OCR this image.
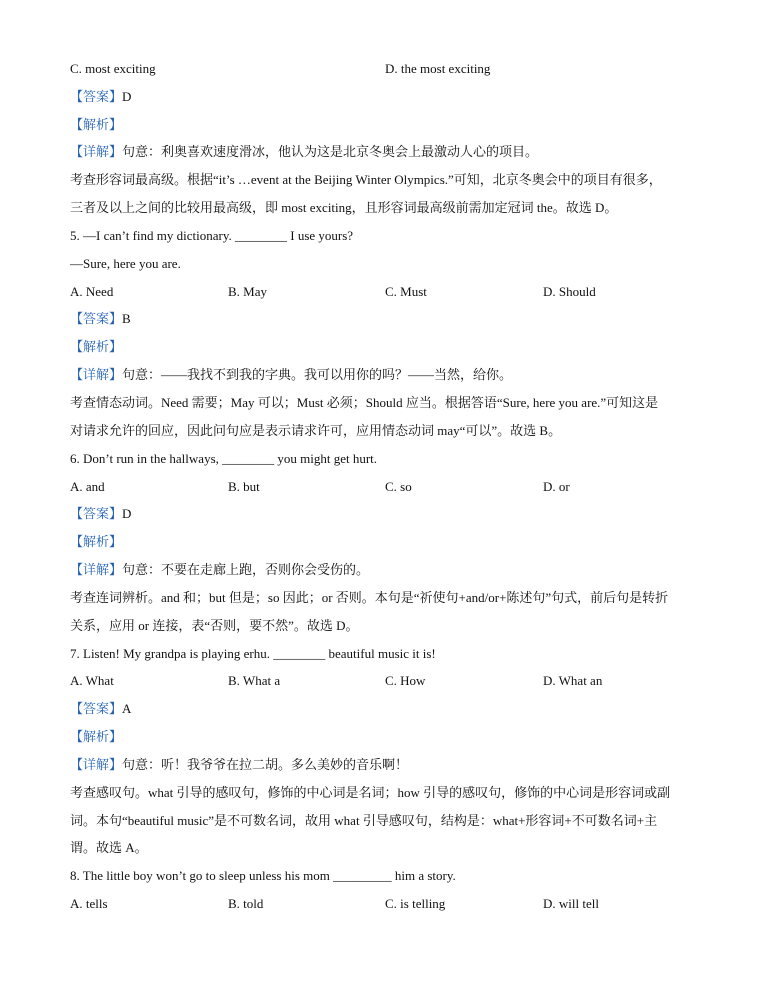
C. most exciting	D. the most exciting
【答案】D
【解析】
【详解】句意：利奥喜欢速度滑冰，他认为这是北京冬奥会上最激动人心的项目。
考查形容词最高级。根据“it’s …event at the Beijing Winter Olympics.”可知，北京冬奥会中的项目有很多，
三者及以上之间的比较用最高级，即 most exciting，且形容词最高级前需加定冠词 the。故选 D。
5. —I can’t find my dictionary. ________ I use yours?
—Sure, here you are.
A. Need	B. May	C. Must	D. Should
【答案】B
【解析】
【详解】句意：——我找不到我的字典。我可以用你的吗？——当然，给你。
考查情态动词。Need 需要；May 可以；Must 必须；Should 应当。根据答语“Sure, here you are.”可知这是
对请求允许的回应，因此问句应是表示请求许可，应用情态动词 may“可以”。故选 B。
6. Don’t run in the hallways, ________ you might get hurt.
A. and	B. but	C. so	D. or
【答案】D
【解析】
【详解】句意：不要在走廊上跑，否则你会受伤的。
考查连词辨析。and 和；but 但是；so 因此；or 否则。本句是“祈使句+and/or+陈述句”句式，前后句是转折
关系，应用 or 连接，表“否则，要不然”。故选 D。
7. Listen! My grandpa is playing erhu. ________ beautiful music it is!
A. What	B. What a	C. How	D. What an
【答案】A
【解析】
【详解】句意：听！我爷爷在拉二胡。多么美妙的音乐啊！
考查感叹句。what 引导的感叹句，修饰的中心词是名词；how 引导的感叹句，修饰的中心词是形容词或副
词。本句“beautiful music”是不可数名词，故用 what 引导感叹句，结构是：what+形容词+不可数名词+主
谓。故选 A。
8. The little boy won’t go to sleep unless his mom _________ him a story.
A. tells	B. told	C. is telling	D. will tell
